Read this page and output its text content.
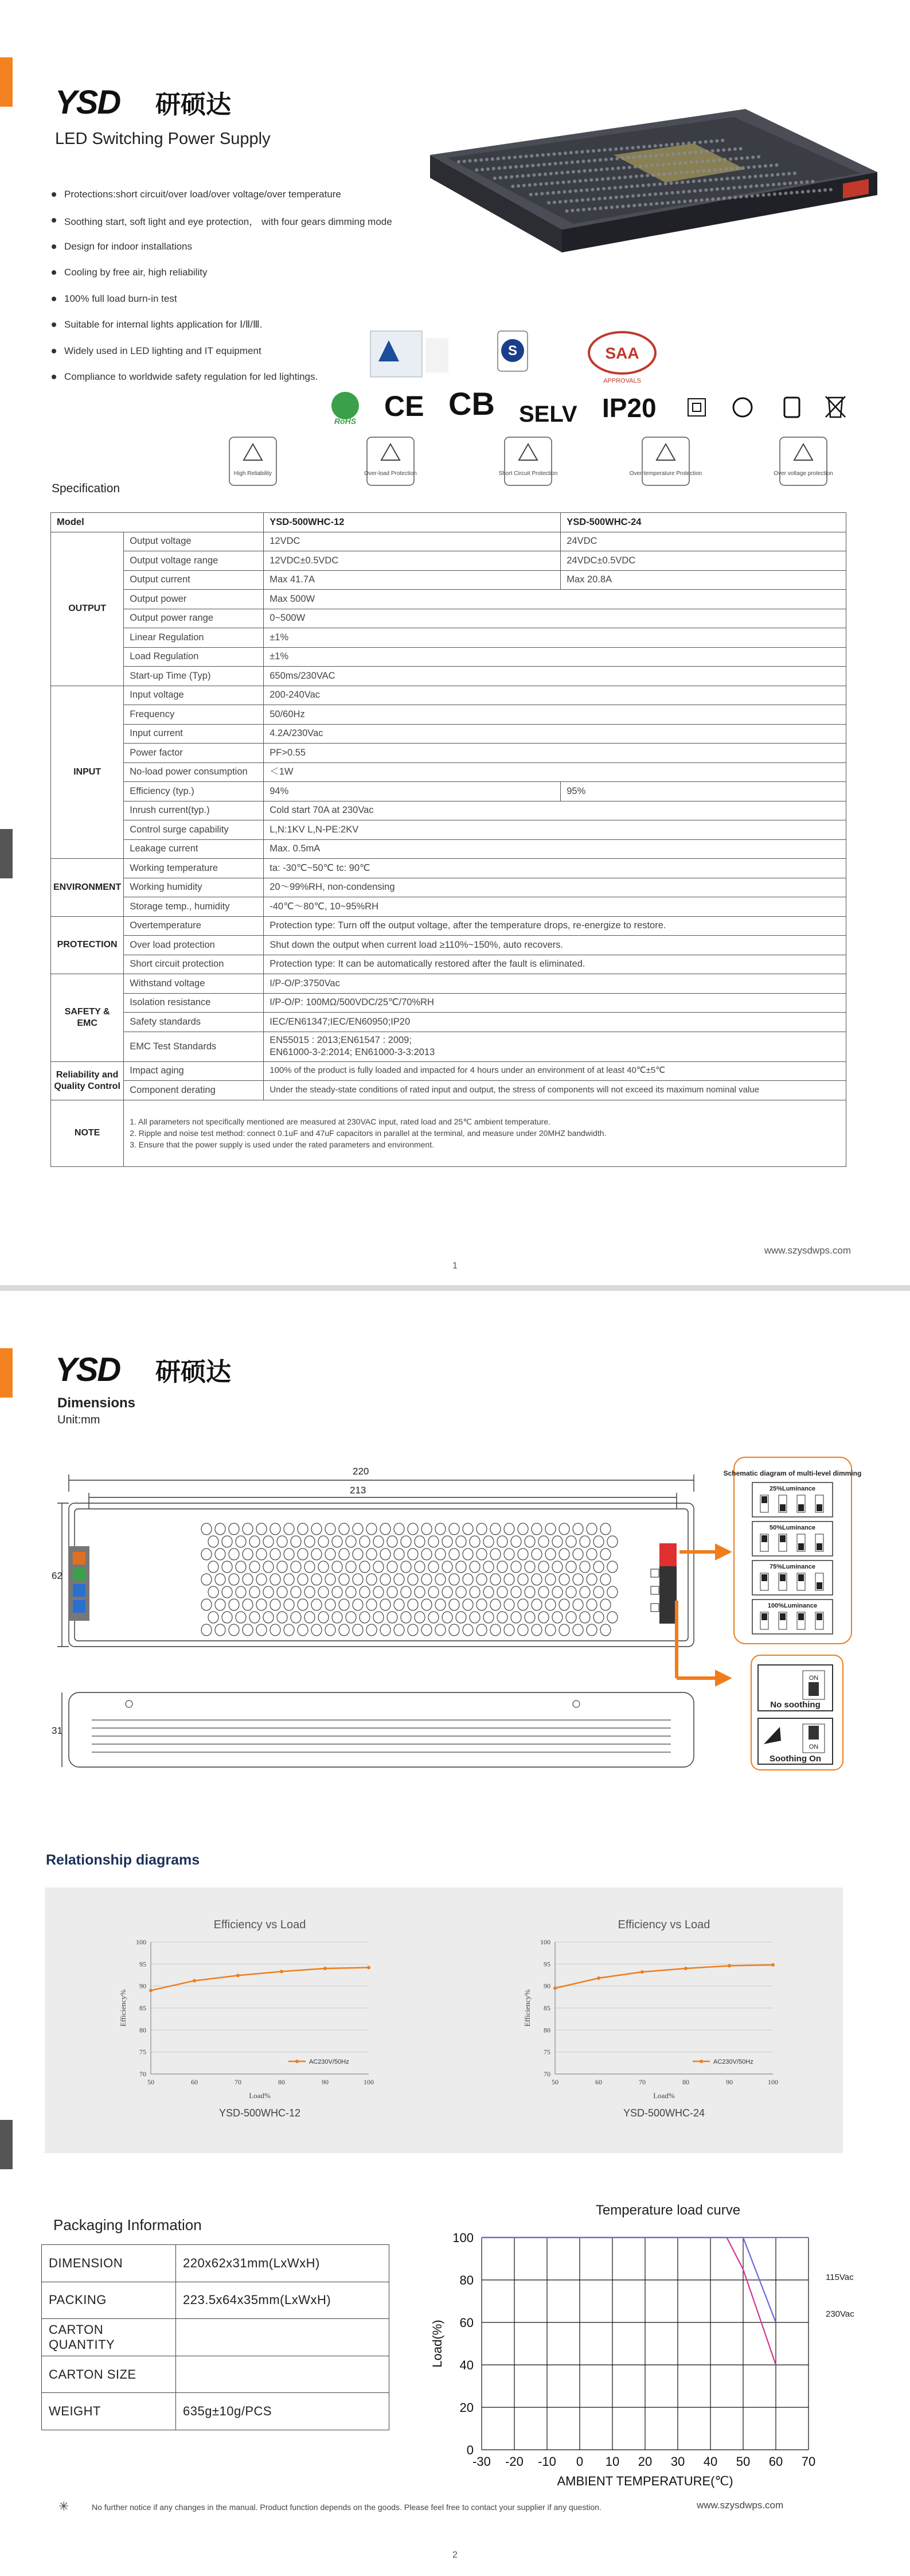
YSD 研硕达
LED Switching Power Supply
Protections:short circuit/over load/over voltage/over temperature
Soothing start, soft light and eye protection， with four gears dimming mode
Design for indoor installations
Cooling by free air, high reliability
100% full load burn-in test
Suitable for internal lights application for Ⅰ/Ⅱ/Ⅲ.
Widely used in LED lighting and IT equipment
Compliance to worldwide safety regulation for led lightings.
S	SAA
APPROVALS
RoHS CE CB SELV IP20
High Reliability	Over-load Protection	Short Circuit Protection	Over-temperature Protection	Over voltage protection
Specification
Model		YSD-500WHC-12	YSD-500WHC-24
OUTPUT	Output voltage	12VDC	24VDC
	Output voltage range	12VDC±0.5VDC	24VDC±0.5VDC
	Output current	Max 41.7A	Max 20.8A
	Output power	Max 500W	
	Output power range	0~500W	
	Linear Regulation	±1%	
	Load Regulation	±1%	
	Start-up Time (Typ)	650ms/230VAC	
INPUT	Input voltage	200-240Vac	
	Frequency	50/60Hz	
	Input current	4.2A/230Vac	
	Power factor	PF>0.55	
	No-load power consumption	＜1W	
	Efficiency (typ.)	94%	95%
	Inrush current(typ.)	Cold start 70A at 230Vac	
	Control surge capability	L,N:1KV L,N-PE:2KV	
	Leakage current	Max. 0.5mA	
ENVIRONMENT	Working temperature	ta: -30℃~50℃ tc: 90℃	
	Working humidity	20～99%RH, non-condensing	
	Storage temp., humidity	-40℃～80℃, 10~95%RH	
PROTECTION	Overtemperature	Protection type: Turn off the output voltage, after the temperature drops, re-energize to restore.	
	Over load protection	Shut down the output when current load ≥110%~150%, auto recovers.	
	Short circuit protection	Protection type: It can be automatically restored after the fault is eliminated.	
SAFETY & EMC	Withstand voltage	I/P-O/P:3750Vac	
	Isolation resistance	I/P-O/P: 100MΩ/500VDC/25℃/70%RH	
	Safety standards	IEC/EN61347;IEC/EN60950;IP20	
	EMC Test Standards	EN55015 : 2013;EN61547 : 2009;
EN61000-3-2:2014; EN61000-3-3:2013	
Reliability and Quality Control	Impact aging	100% of the product is fully loaded and impacted for 4 hours under an environment of at least 40℃±5℃	
	Component derating	Under the steady-state conditions of rated input and output, the stress of components will not exceed its maximum nominal value	
NOTE	1. All parameters not specifically mentioned are measured at 230VAC input, rated load and 25℃ ambient temperature.
2. Ripple and noise test method: connect 0.1uF and 47uF capacitors in parallel at the terminal, and measure under 20MHZ bandwidth.
3. Ensure that the power supply is used under the rated parameters and environment.		
www.szysdwps.com
1
YSD 研硕达
Dimensions
Unit:mm
220
213
62
31
Schematic diagram of multi-level dimming
25%Luminance
50%Luminance
75%Luminance
100%Luminance
ON
No soothing
ON
Soothing On
Relationship diagrams
Efficiency vs Load
70
75
80
85
90
95
100
50	60	70	80	90	100
AC230V/50Hz
Load%
Efficiency%
YSD-500WHC-12
Efficiency vs Load
70
75
80
85
90
95
100
50	60	70	80	90	100
AC230V/50Hz
Load%
Efficiency%
YSD-500WHC-24
Packaging Information
DIMENSION	220x62x31mm(LxWxH)
PACKING	223.5x64x35mm(LxWxH)
CARTON QUANTITY	
CARTON SIZE	
WEIGHT	635g±10g/PCS
Temperature load curve
-30 -20 -10 0 10 20 30 40 50 60 70
0
20
40
60
80
100
115Vac
230Vac
AMBIENT TEMPERATURE(℃)
Load(%)
✳	No further notice if any changes in the manual. Product function depends on the goods. Please feel free to contact your supplier if any question.	www.szysdwps.com
2
